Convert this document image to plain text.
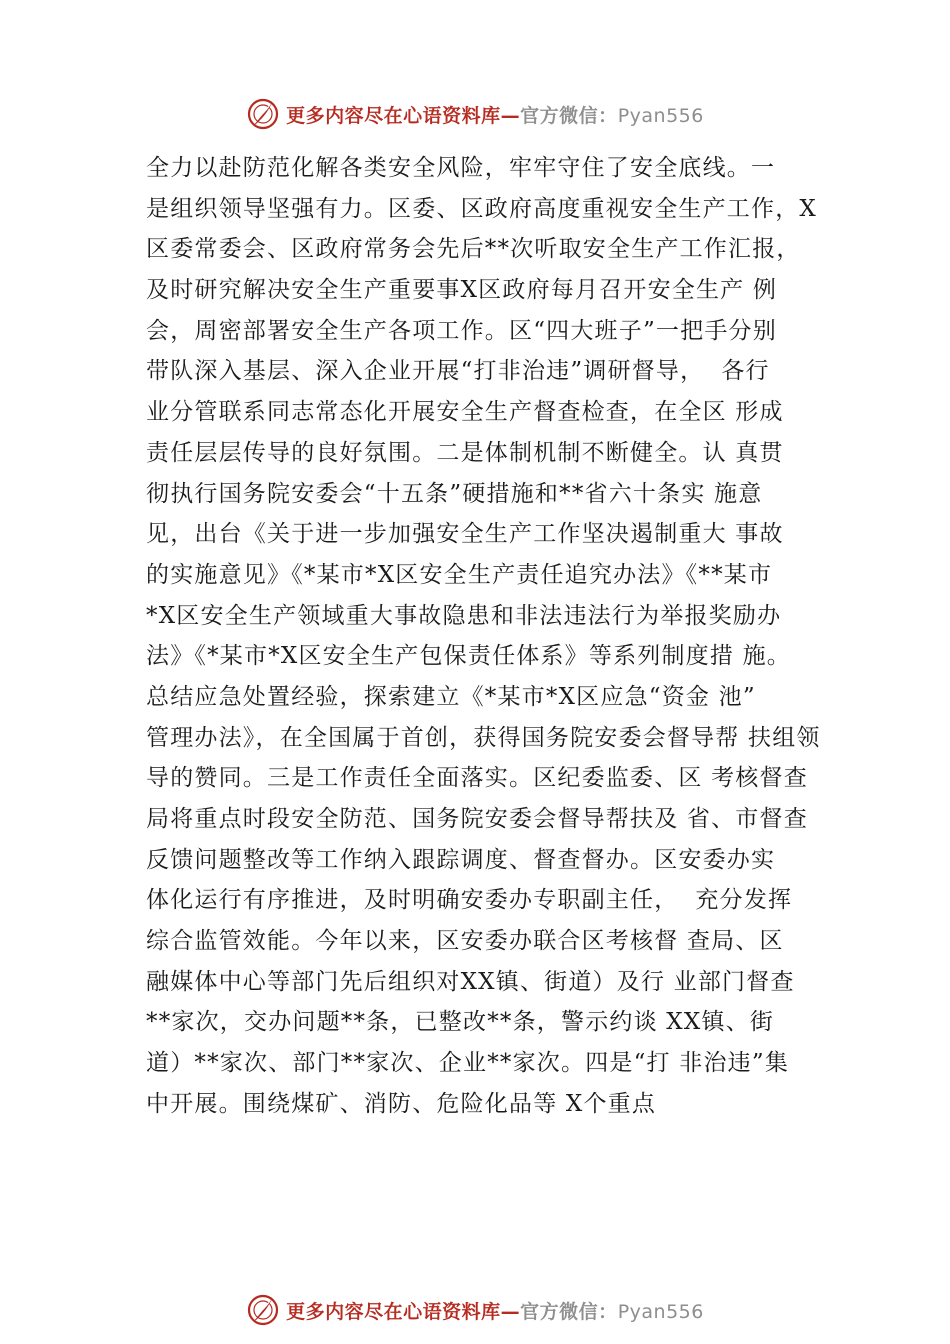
更多内容尽在心语资料库—官方微信：Pyan556
全力以赴防范化解各类安全风险，牢牢守住了安全底线。一
是组织领导坚强有力。区委、区政府高度重视安全生产工作，X
区委常委会、区政府常务会先后**次听取安全生产工作汇报，
及时研究解决安全生产重要事X区政府每月召开安全生产 例
会，周密部署安全生产各项工作。区“四大班子”一把手分别
带队深入基层、深入企业开展“打非治违”调研督导，  各行
业分管联系同志常态化开展安全生产督查检查，在全区 形成
责任层层传导的良好氛围。二是体制机制不断健全。认 真贯
彻执行国务院安委会“十五条”硬措施和**省六十条实 施意
见，出台《关于进一步加强安全生产工作坚决遏制重大 事故
的实施意见》《*某市*X区安全生产责任追究办法》《**某市
*X区安全生产领域重大事故隐患和非法违法行为举报奖励办
法》《*某市*X区安全生产包保责任体系》等系列制度措 施。
总结应急处置经验，探索建立《*某市*X区应急“资金 池”
管理办法》，在全国属于首创，获得国务院安委会督导帮 扶组领
导的赞同。三是工作责任全面落实。区纪委监委、区 考核督查
局将重点时段安全防范、国务院安委会督导帮扶及 省、市督查
反馈问题整改等工作纳入跟踪调度、督查督办。区安委办实
体化运行有序推进，及时明确安委办专职副主任，  充分发挥
综合监管效能。今年以来，区安委办联合区考核督 查局、区
融媒体中心等部门先后组织对XX镇、街道）及行 业部门督查
**家次，交办问题**条，已整改**条，警示约谈 XX镇、街
道）**家次、部门**家次、企业**家次。四是“打 非治违”集
中开展。围绕煤矿、消防、危险化品等 X个重点
更多内容尽在心语资料库—官方微信：Pyan556
